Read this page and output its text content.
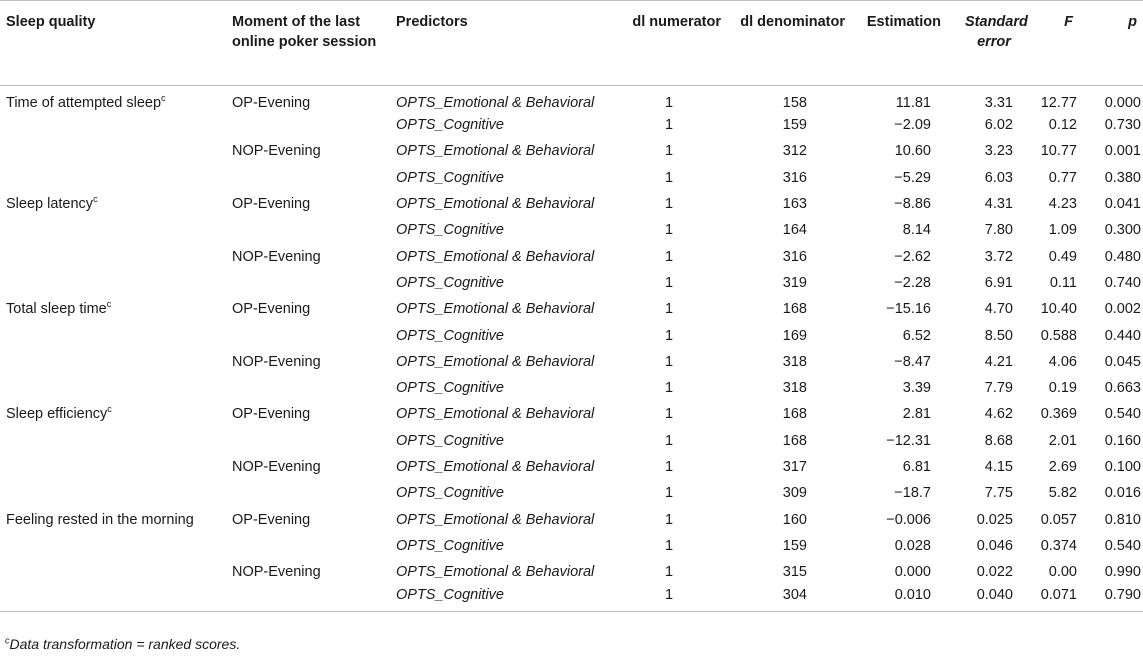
Sleep quality	Moment of the last online poker session	Predictors	dl numerator	dl denominator	Estimation	Standard error	F	p
Time of attempted sleep$^c$	OP-Evening	OPTS_Emotional & Behavioral	1	158	11.81	3.31	12.77	0.000
		OPTS_Cognitive	1	159	−2.09	6.02	0.12	0.730
	NOP-Evening	OPTS_Emotional & Behavioral	1	312	10.60	3.23	10.77	0.001
		OPTS_Cognitive	1	316	−5.29	6.03	0.77	0.380
Sleep latency$^c$	OP-Evening	OPTS_Emotional & Behavioral	1	163	−8.86	4.31	4.23	0.041
		OPTS_Cognitive	1	164	8.14	7.80	1.09	0.300
	NOP-Evening	OPTS_Emotional & Behavioral	1	316	−2.62	3.72	0.49	0.480
		OPTS_Cognitive	1	319	−2.28	6.91	0.11	0.740
Total sleep time$^c$	OP-Evening	OPTS_Emotional & Behavioral	1	168	−15.16	4.70	10.40	0.002
		OPTS_Cognitive	1	169	6.52	8.50	0.588	0.440
	NOP-Evening	OPTS_Emotional & Behavioral	1	318	−8.47	4.21	4.06	0.045
		OPTS_Cognitive	1	318	3.39	7.79	0.19	0.663
Sleep efficiency$^c$	OP-Evening	OPTS_Emotional & Behavioral	1	168	2.81	4.62	0.369	0.540
		OPTS_Cognitive	1	168	−12.31	8.68	2.01	0.160
	NOP-Evening	OPTS_Emotional & Behavioral	1	317	6.81	4.15	2.69	0.100
		OPTS_Cognitive	1	309	−18.7	7.75	5.82	0.016
Feeling rested in the morning	OP-Evening	OPTS_Emotional & Behavioral	1	160	−0.006	0.025	0.057	0.810
		OPTS_Cognitive	1	159	0.028	0.046	0.374	0.540
	NOP-Evening	OPTS_Emotional & Behavioral	1	315	0.000	0.022	0.00	0.990
		OPTS_Cognitive	1	304	0.010	0.040	0.071	0.790
$^c$Data transformation = ranked scores.
